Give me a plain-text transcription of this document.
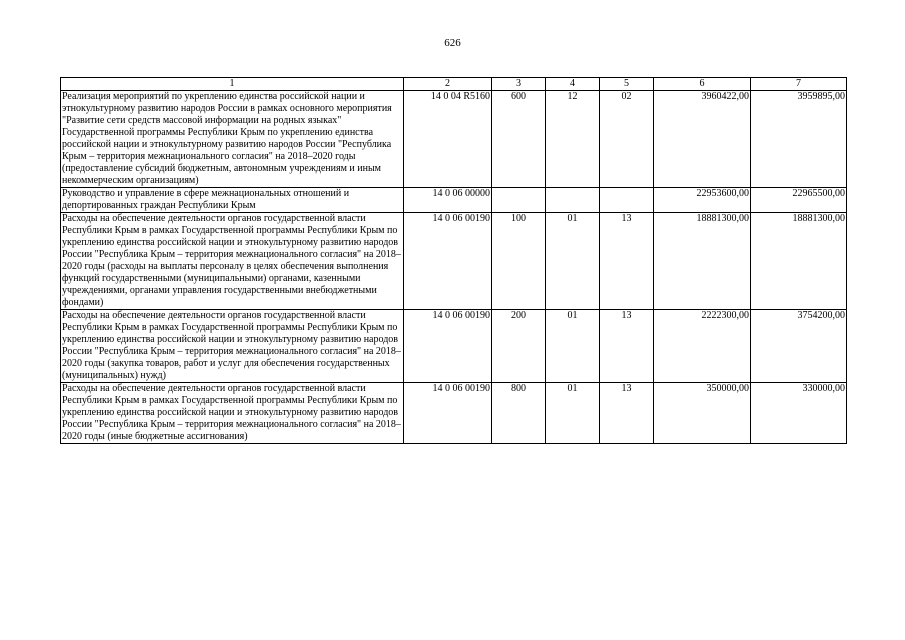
626
1	2	3	4	5	6	7
Реализация мероприятий по укреплению единства российской нации и этнокультурному развитию народов России в рамках основного мероприятия "Развитие сети средств массовой информации на родных языках" Государственной программы Республики Крым по укреплению единства российской нации и этнокультурному развитию народов России "Республика Крым – территория межнационального согласия" на 2018–2020 годы (предоставление субсидий бюджетным, автономным учреждениям и иным некоммерческим организациям)	14 0 04 R5160	600	12	02	3960422,00	3959895,00
Руководство и управление в сфере межнациональных отношений и депортированных граждан Республики Крым	14 0 06 00000				22953600,00	22965500,00
Расходы на обеспечение деятельности органов государственной власти Республики Крым в рамках Государственной программы Республики Крым по укреплению единства российской нации и этнокультурному развитию народов России "Республика Крым – территория межнационального согласия" на 2018–2020 годы (расходы на выплаты персоналу в целях обеспечения выполнения функций государственными (муниципальными) органами, казенными учреждениями, органами управления государственными внебюджетными фондами)	14 0 06 00190	100	01	13	18881300,00	18881300,00
Расходы на обеспечение деятельности органов государственной власти Республики Крым в рамках Государственной программы Республики Крым по укреплению единства российской нации и этнокультурному развитию народов России "Республика Крым – территория межнационального согласия" на 2018–2020 годы (закупка товаров, работ и услуг для обеспечения государственных (муниципальных) нужд)	14 0 06 00190	200	01	13	2222300,00	3754200,00
Расходы на обеспечение деятельности органов государственной власти Республики Крым в рамках Государственной программы Республики Крым по укреплению единства российской нации и этнокультурному развитию народов России "Республика Крым – территория межнационального согласия" на 2018–2020 годы (иные бюджетные ассигнования)	14 0 06 00190	800	01	13	350000,00	330000,00
